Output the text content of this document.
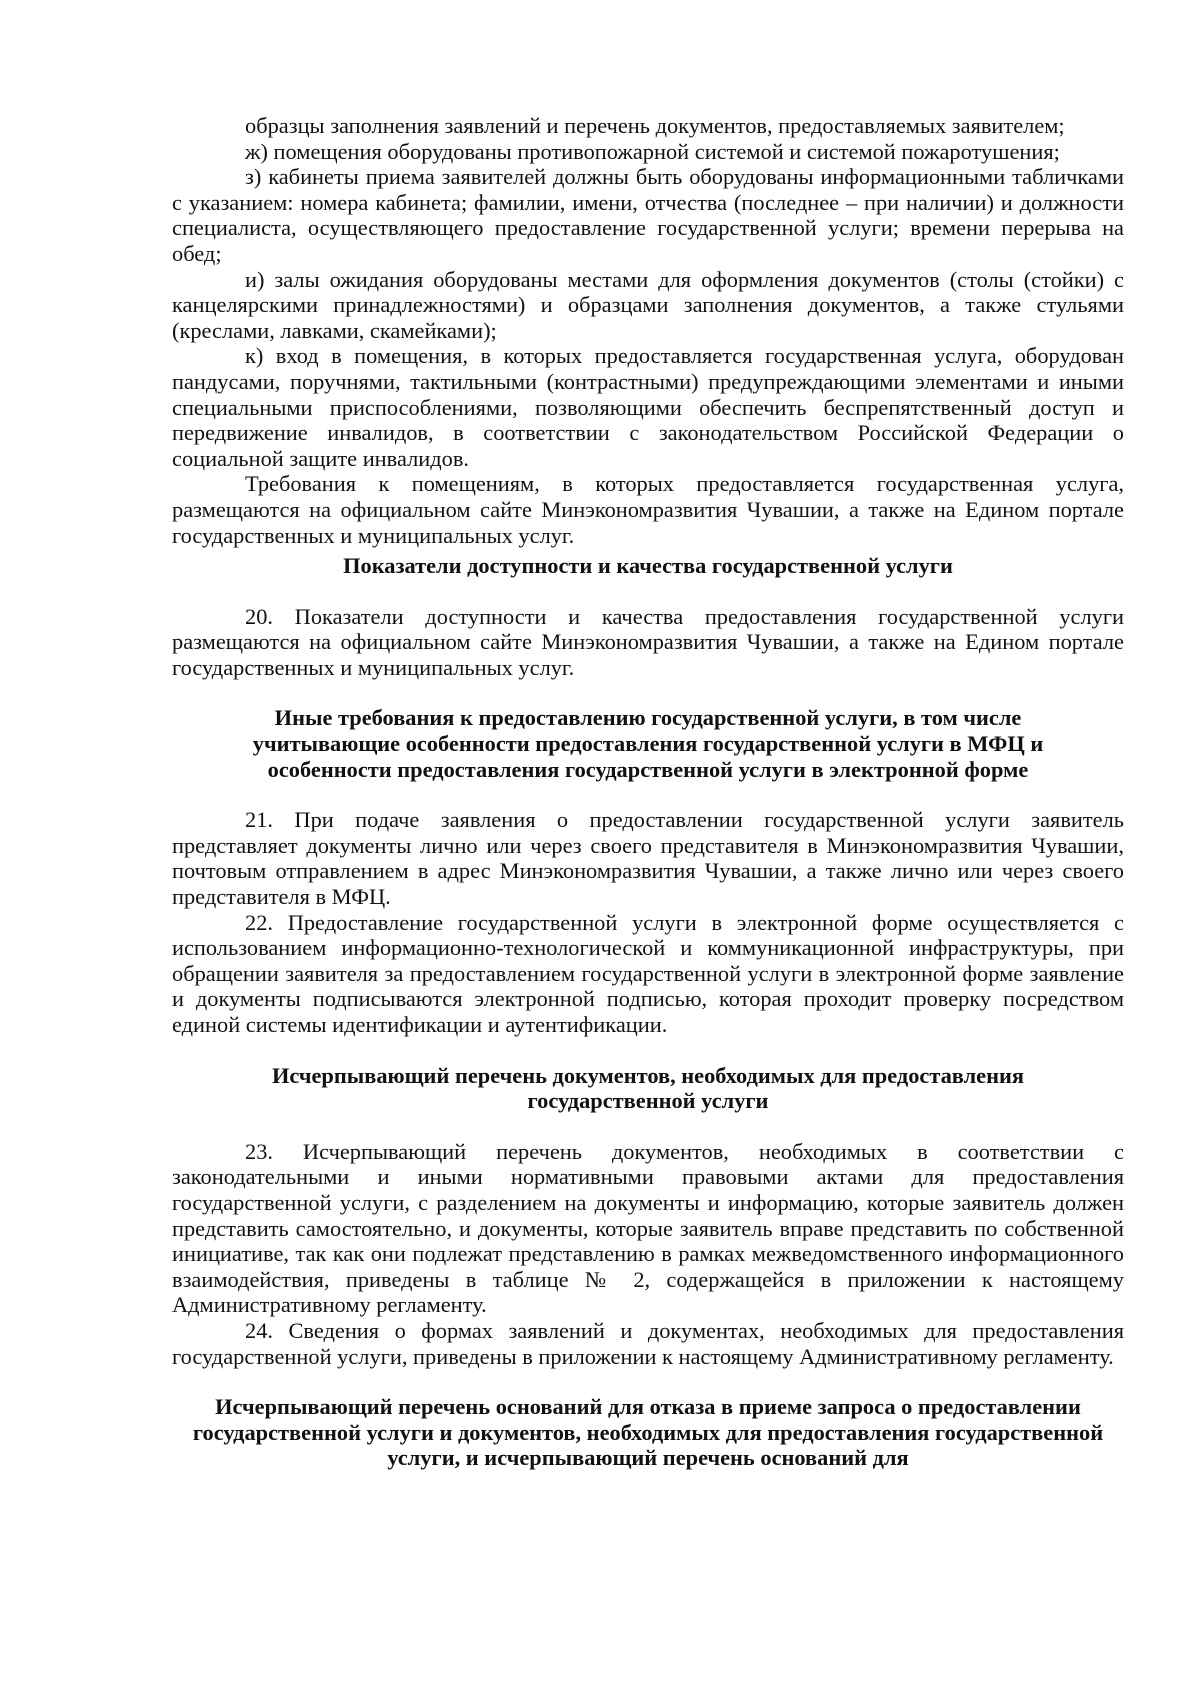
образцы заполнения заявлений и перечень документов, предоставляемых заявителем;

ж) помещения оборудованы противопожарной системой и системой пожаротушения;

з) кабинеты приема заявителей должны быть оборудованы информационными табличками с указанием: номера кабинета; фамилии, имени, отчества (последнее – при наличии) и должности специалиста, осуществляющего предоставление государственной услуги; времени перерыва на обед;

и) залы ожидания оборудованы местами для оформления документов (столы (стойки) с канцелярскими принадлежностями) и образцами заполнения документов, а также стульями (креслами, лавками, скамейками);

к) вход в помещения, в которых предоставляется государственная услуга, оборудован пандусами, поручнями, тактильными (контрастными) предупреждающими элементами и иными специальными приспособлениями, позволяющими обеспечить беспрепятственный доступ и передвижение инвалидов, в соответствии с законодательством Российской Федерации о социальной защите инвалидов.

Требования к помещениям, в которых предоставляется государственная услуга, размещаются на официальном сайте Минэкономразвития Чувашии, а также на Едином портале государственных и муниципальных услуг.

Показатели доступности и качества государственной услуги

20. Показатели доступности и качества предоставления государственной услуги размещаются на официальном сайте Минэкономразвития Чувашии, а также на Едином портале государственных и муниципальных услуг.

Иные требования к предоставлению государственной услуги, в том числе учитывающие особенности предоставления государственной услуги в МФЦ и особенности предоставления государственной услуги в электронной форме

21. При подаче заявления о предоставлении государственной услуги заявитель представляет документы лично или через своего представителя в Минэкономразвития Чувашии, почтовым отправлением в адрес Минэкономразвития Чувашии, а также лично или через своего представителя в МФЦ.

22. Предоставление государственной услуги в электронной форме осуществляется с использованием информационно-технологической и коммуникационной инфраструктуры, при обращении заявителя за предоставлением государственной услуги в электронной форме заявление и документы подписываются электронной подписью, которая проходит проверку посредством единой системы идентификации и аутентификации.

Исчерпывающий перечень документов, необходимых для предоставления государственной услуги

23. Исчерпывающий перечень документов, необходимых в соответствии с законодательными и иными нормативными правовыми актами для предоставления государственной услуги, с разделением на документы и информацию, которые заявитель должен представить самостоятельно, и документы, которые заявитель вправе представить по собственной инициативе, так как они подлежат представлению в рамках межведомственного информационного взаимодействия, приведены в таблице № 2, содержащейся в приложении к настоящему Административному регламенту.

24. Сведения о формах заявлений и документах, необходимых для предоставления государственной услуги, приведены в приложении к настоящему Административному регламенту.

Исчерпывающий перечень оснований для отказа в приеме запроса о предоставлении государственной услуги и документов, необходимых для предоставления государственной услуги, и исчерпывающий перечень оснований для
